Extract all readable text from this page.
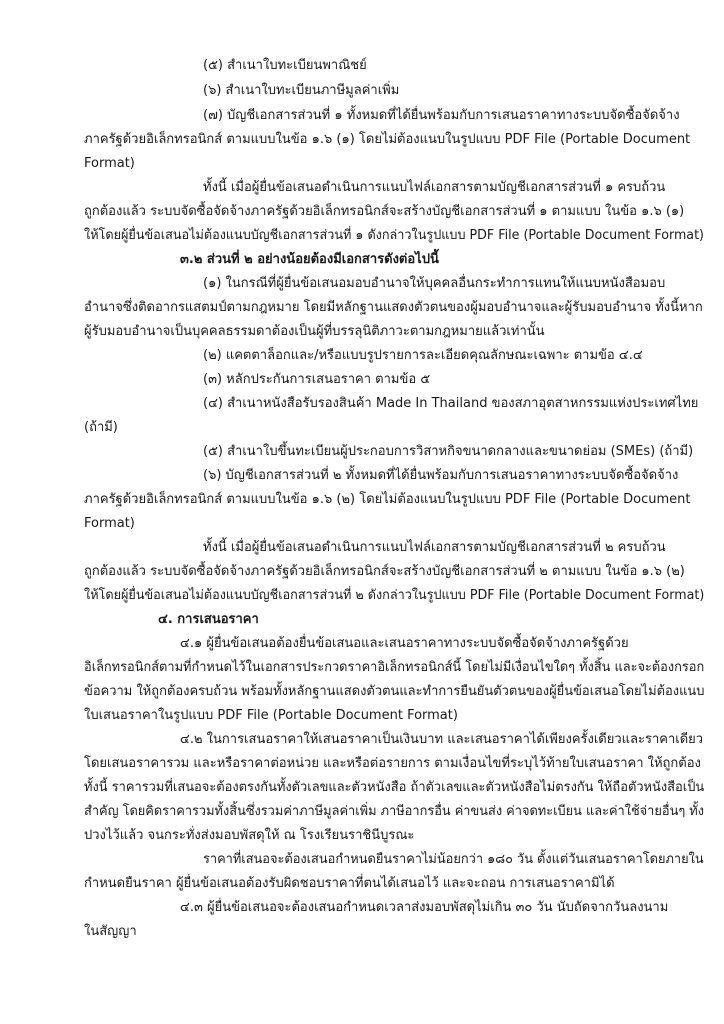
(๕) สำเนาใบทะเบียนพาณิชย์
(๖) สำเนาใบทะเบียนภาษีมูลค่าเพิ่ม
(๗) บัญชีเอกสารส่วนที่ ๑ ทั้งหมดที่ได้ยื่นพร้อมกับการเสนอราคาทางระบบจัดซื้อจัดจ้าง
ภาครัฐด้วยอิเล็กทรอนิกส์ ตามแบบในข้อ ๑.๖ (๑) โดยไม่ต้องแนบในรูปแบบ PDF File (Portable Document
Format)
ทั้งนี้ เมื่อผู้ยื่นข้อเสนอดำเนินการแนบไฟล์เอกสารตามบัญชีเอกสารส่วนที่ ๑ ครบถ้วน
ถูกต้องแล้ว ระบบจัดซื้อจัดจ้างภาครัฐด้วยอิเล็กทรอนิกส์จะสร้างบัญชีเอกสารส่วนที่ ๑ ตามแบบ ในข้อ ๑.๖ (๑)
ให้โดยผู้ยื่นข้อเสนอไม่ต้องแนบบัญชีเอกสารส่วนที่ ๑ ดังกล่าวในรูปแบบ PDF File (Portable Document Format)
๓.๒ ส่วนที่ ๒ อย่างน้อยต้องมีเอกสารดังต่อไปนี้
(๑) ในกรณีที่ผู้ยื่นข้อเสนอมอบอำนาจให้บุคคลอื่นกระทำการแทนให้แนบหนังสือมอบ
อำนาจซึ่งติดอากรแสตมป์ตามกฎหมาย โดยมีหลักฐานแสดงตัวตนของผู้มอบอำนาจและผู้รับมอบอำนาจ ทั้งนี้หาก
ผู้รับมอบอำนาจเป็นบุคคลธรรมดาต้องเป็นผู้ที่บรรลุนิติภาวะตามกฎหมายแล้วเท่านั้น
(๒) แคตตาล็อกและ/หรือแบบรูปรายการละเอียดคุณลักษณะเฉพาะ ตามข้อ ๔.๔
(๓) หลักประกันการเสนอราคา ตามข้อ ๕
(๔) สำเนาหนังสือรับรองสินค้า Made In Thailand ของสภาอุตสาหกรรมแห่งประเทศไทย
(ถ้ามี)
(๕) สำเนาใบขึ้นทะเบียนผู้ประกอบการวิสาหกิจขนาดกลางและขนาดย่อม (SMEs) (ถ้ามี)
(๖) บัญชีเอกสารส่วนที่ ๒ ทั้งหมดที่ได้ยื่นพร้อมกับการเสนอราคาทางระบบจัดซื้อจัดจ้าง
ภาครัฐด้วยอิเล็กทรอนิกส์ ตามแบบในข้อ ๑.๖ (๒) โดยไม่ต้องแนบในรูปแบบ PDF File (Portable Document
Format)
ทั้งนี้ เมื่อผู้ยื่นข้อเสนอดำเนินการแนบไฟล์เอกสารตามบัญชีเอกสารส่วนที่ ๒ ครบถ้วน
ถูกต้องแล้ว ระบบจัดซื้อจัดจ้างภาครัฐด้วยอิเล็กทรอนิกส์จะสร้างบัญชีเอกสารส่วนที่ ๒ ตามแบบ ในข้อ ๑.๖ (๒)
ให้โดยผู้ยื่นข้อเสนอไม่ต้องแนบบัญชีเอกสารส่วนที่ ๒ ดังกล่าวในรูปแบบ PDF File (Portable Document Format)
๔. การเสนอราคา
๔.๑ ผู้ยื่นข้อเสนอต้องยื่นข้อเสนอและเสนอราคาทางระบบจัดซื้อจัดจ้างภาครัฐด้วย
อิเล็กทรอนิกส์ตามที่กำหนดไว้ในเอกสารประกวดราคาอิเล็กทรอนิกส์นี้ โดยไม่มีเงื่อนไขใดๆ ทั้งสิ้น และจะต้องกรอก
ข้อความ ให้ถูกต้องครบถ้วน พร้อมทั้งหลักฐานแสดงตัวตนและทำการยืนยันตัวตนของผู้ยื่นข้อเสนอโดยไม่ต้องแนบ
ใบเสนอราคาในรูปแบบ PDF File (Portable Document Format)
๔.๒ ในการเสนอราคาให้เสนอราคาเป็นเงินบาท และเสนอราคาได้เพียงครั้งเดียวและราคาเดียว
โดยเสนอราคารวม และหรือราคาต่อหน่วย และหรือต่อรายการ ตามเงื่อนไขที่ระบุไว้ท้ายใบเสนอราคา ให้ถูกต้อง
ทั้งนี้ ราคารวมที่เสนอจะต้องตรงกันทั้งตัวเลขและตัวหนังสือ ถ้าตัวเลขและตัวหนังสือไม่ตรงกัน ให้ถือตัวหนังสือเป็น
สำคัญ โดยคิดราคารวมทั้งสิ้นซึ่งรวมค่าภาษีมูลค่าเพิ่ม ภาษีอากรอื่น ค่าขนส่ง ค่าจดทะเบียน และค่าใช้จ่ายอื่นๆ ทั้ง
ปวงไว้แล้ว จนกระทั่งส่งมอบพัสดุให้ ณ โรงเรียนราชินีบูรณะ
ราคาที่เสนอจะต้องเสนอกำหนดยืนราคาไม่น้อยกว่า ๑๘๐ วัน ตั้งแต่วันเสนอราคาโดยภายใน
กำหนดยืนราคา ผู้ยื่นข้อเสนอต้องรับผิดชอบราคาที่ตนได้เสนอไว้ และจะถอน การเสนอราคามิได้
๔.๓ ผู้ยื่นข้อเสนอจะต้องเสนอกำหนดเวลาส่งมอบพัสดุไม่เกิน ๓๐ วัน นับถัดจากวันลงนาม
ในสัญญา
